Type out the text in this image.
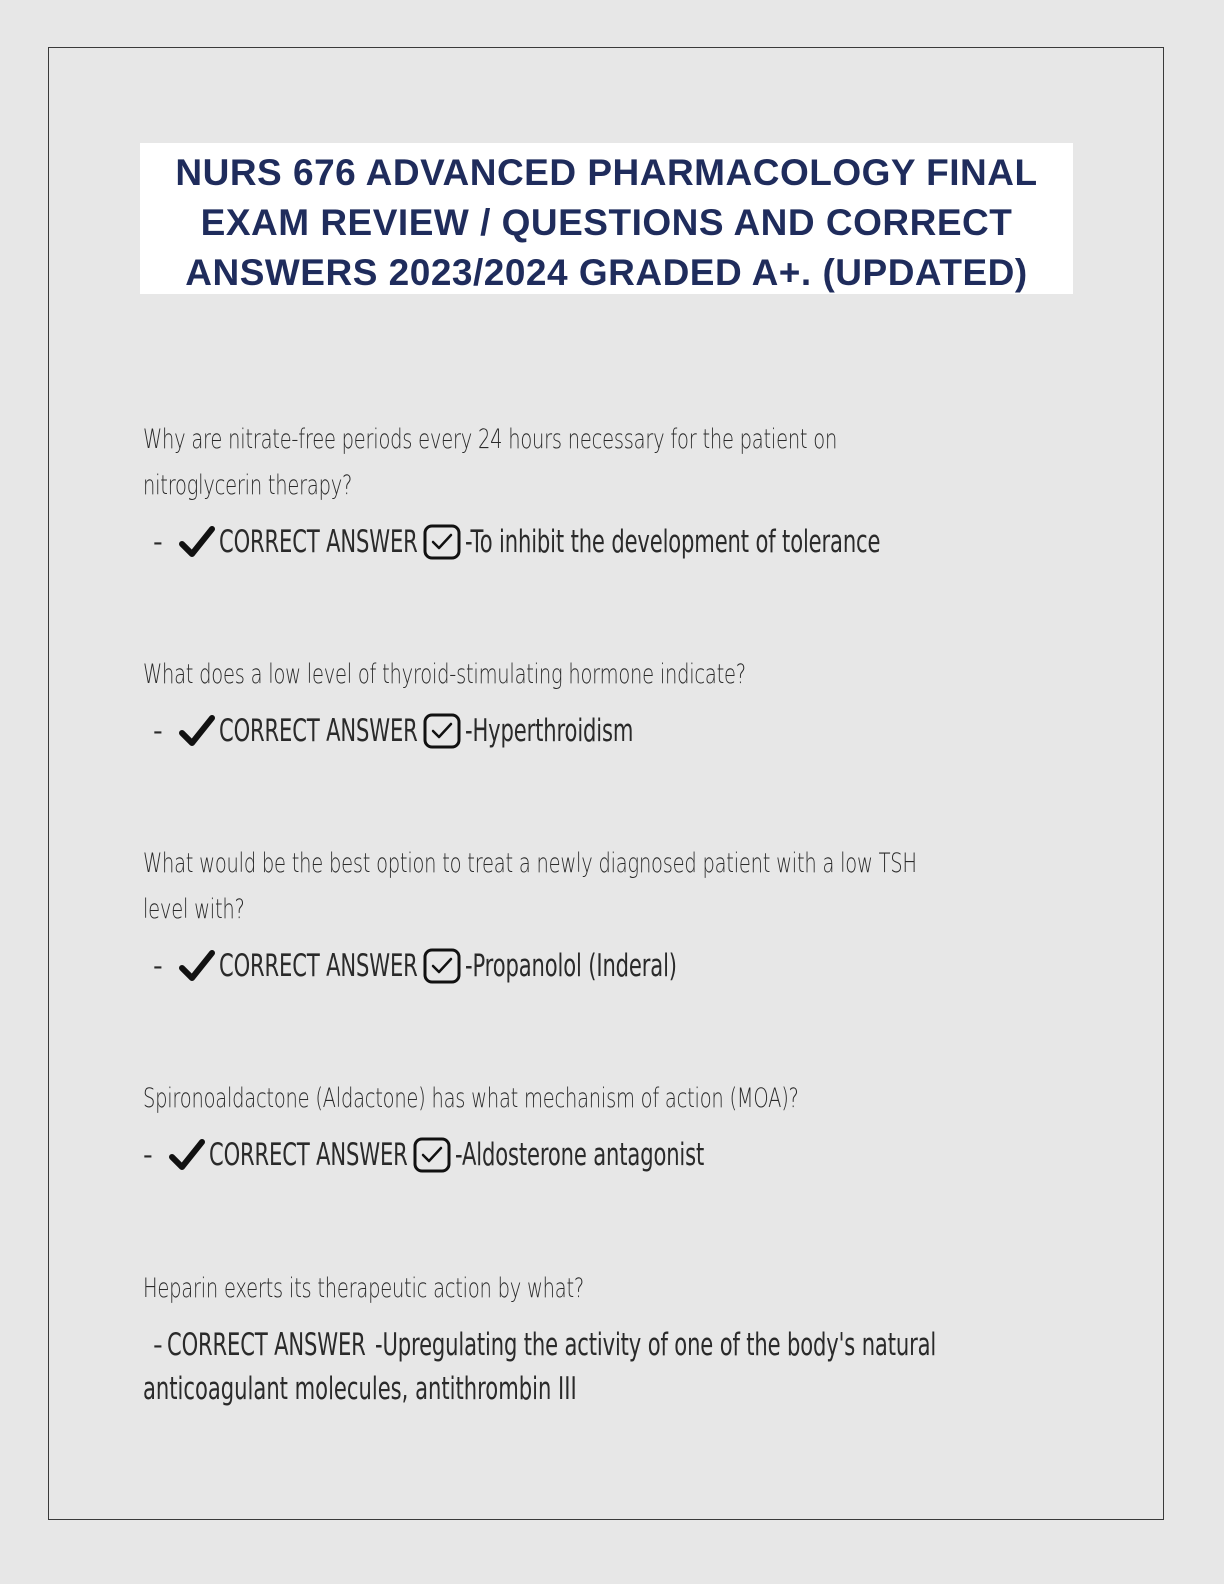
NURS 676 ADVANCED PHARMACOLOGY FINAL
EXAM REVIEW / QUESTIONS AND CORRECT
ANSWERS 2023/2024 GRADED A+. (UPDATED)
Why are nitrate-free periods every 24 hours necessary for the patient on
nitroglycerin therapy?
-	CORRECT ANSWER -To inhibit the development of tolerance
What does a low level of thyroid-stimulating hormone indicate?
-	CORRECT ANSWER -Hyperthroidism
What would be the best option to treat a newly diagnosed patient with a low TSH
level with?
-	CORRECT ANSWER -Propanolol (Inderal)
Spironoaldactone (Aldactone) has what mechanism of action (MOA)?
-	CORRECT ANSWER -Aldosterone antagonist
Heparin exerts its therapeutic action by what?
- CORRECT ANSWER -Upregulating the activity of one of the body's natural
anticoagulant molecules, antithrombin III
